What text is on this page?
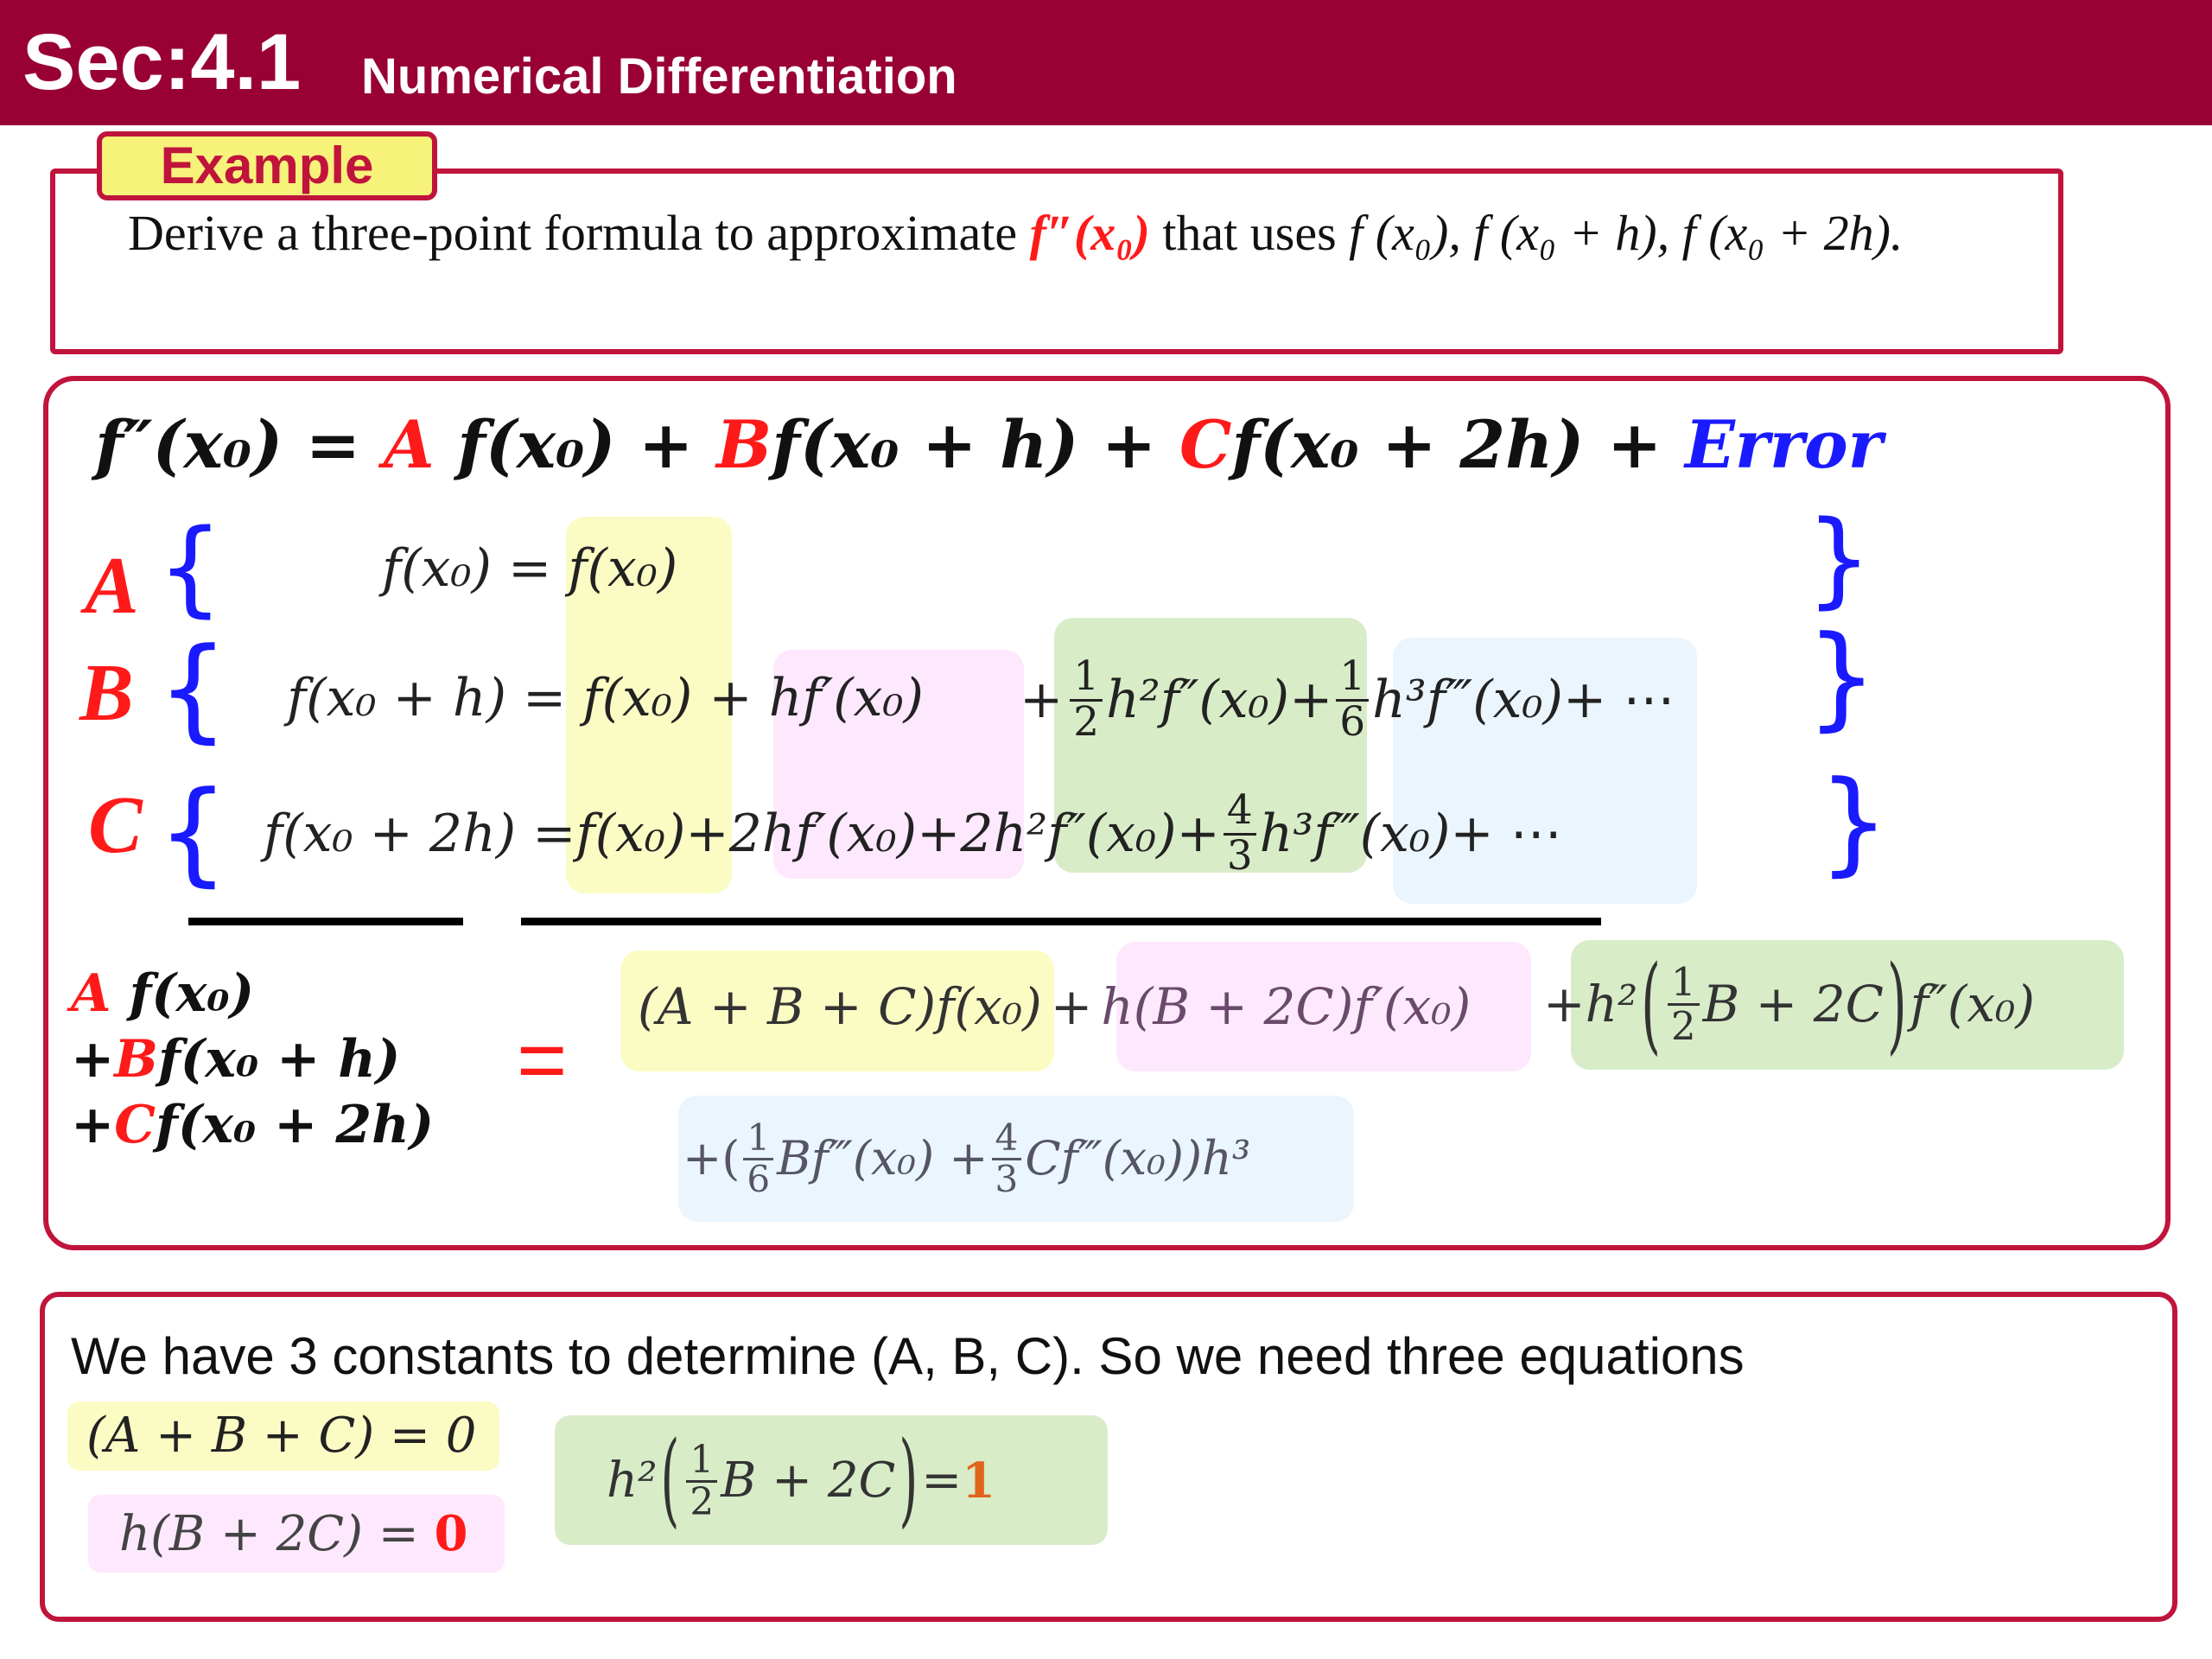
Sec:4.1 Numerical Differentiation
Example
Derive a three-point formula to approximate f″(x₀) that uses f (x₀), f (x₀ + h), f (x₀ + 2h).
f″(x₀) = A f(x₀) + Bf(x₀ + h) + Cf(x₀ + 2h) + Error
A
B
C
{
{
{
}
}
}
f(x₀) = f(x₀)
$f(x_0 + h) = f(x_0) + hf'(x_0) + \frac{1}{2} h^2f''(x_0) + \frac{1}{6}$ h³f‴(x₀) + ⋯
$f(x_0 + 2h) = f(x_0) + 2hf'(x_0) + 2h^2f''(x_0) + \frac{4}{3}$ h³f‴(x₀) + ⋯
A f(x₀)
+Bf(x₀ + h)
+Cf(x₀ + 2h)
=
(A + B + C)f(x₀) + h(B + 2C)f′(x₀) +h² ( $\frac{1}{2}$ B + 2C ) f″(x₀)
+( $\frac{1}{6}$ Bf‴(x₀) + $\frac{4}{3}$ Cf‴(x₀))h³
We have 3 constants to determine (A, B, C). So we need three equations
(A + B + C) = 0
h(B + 2C) = 0
h² ( $\frac{1}{2}$ B + 2C ) = 1
